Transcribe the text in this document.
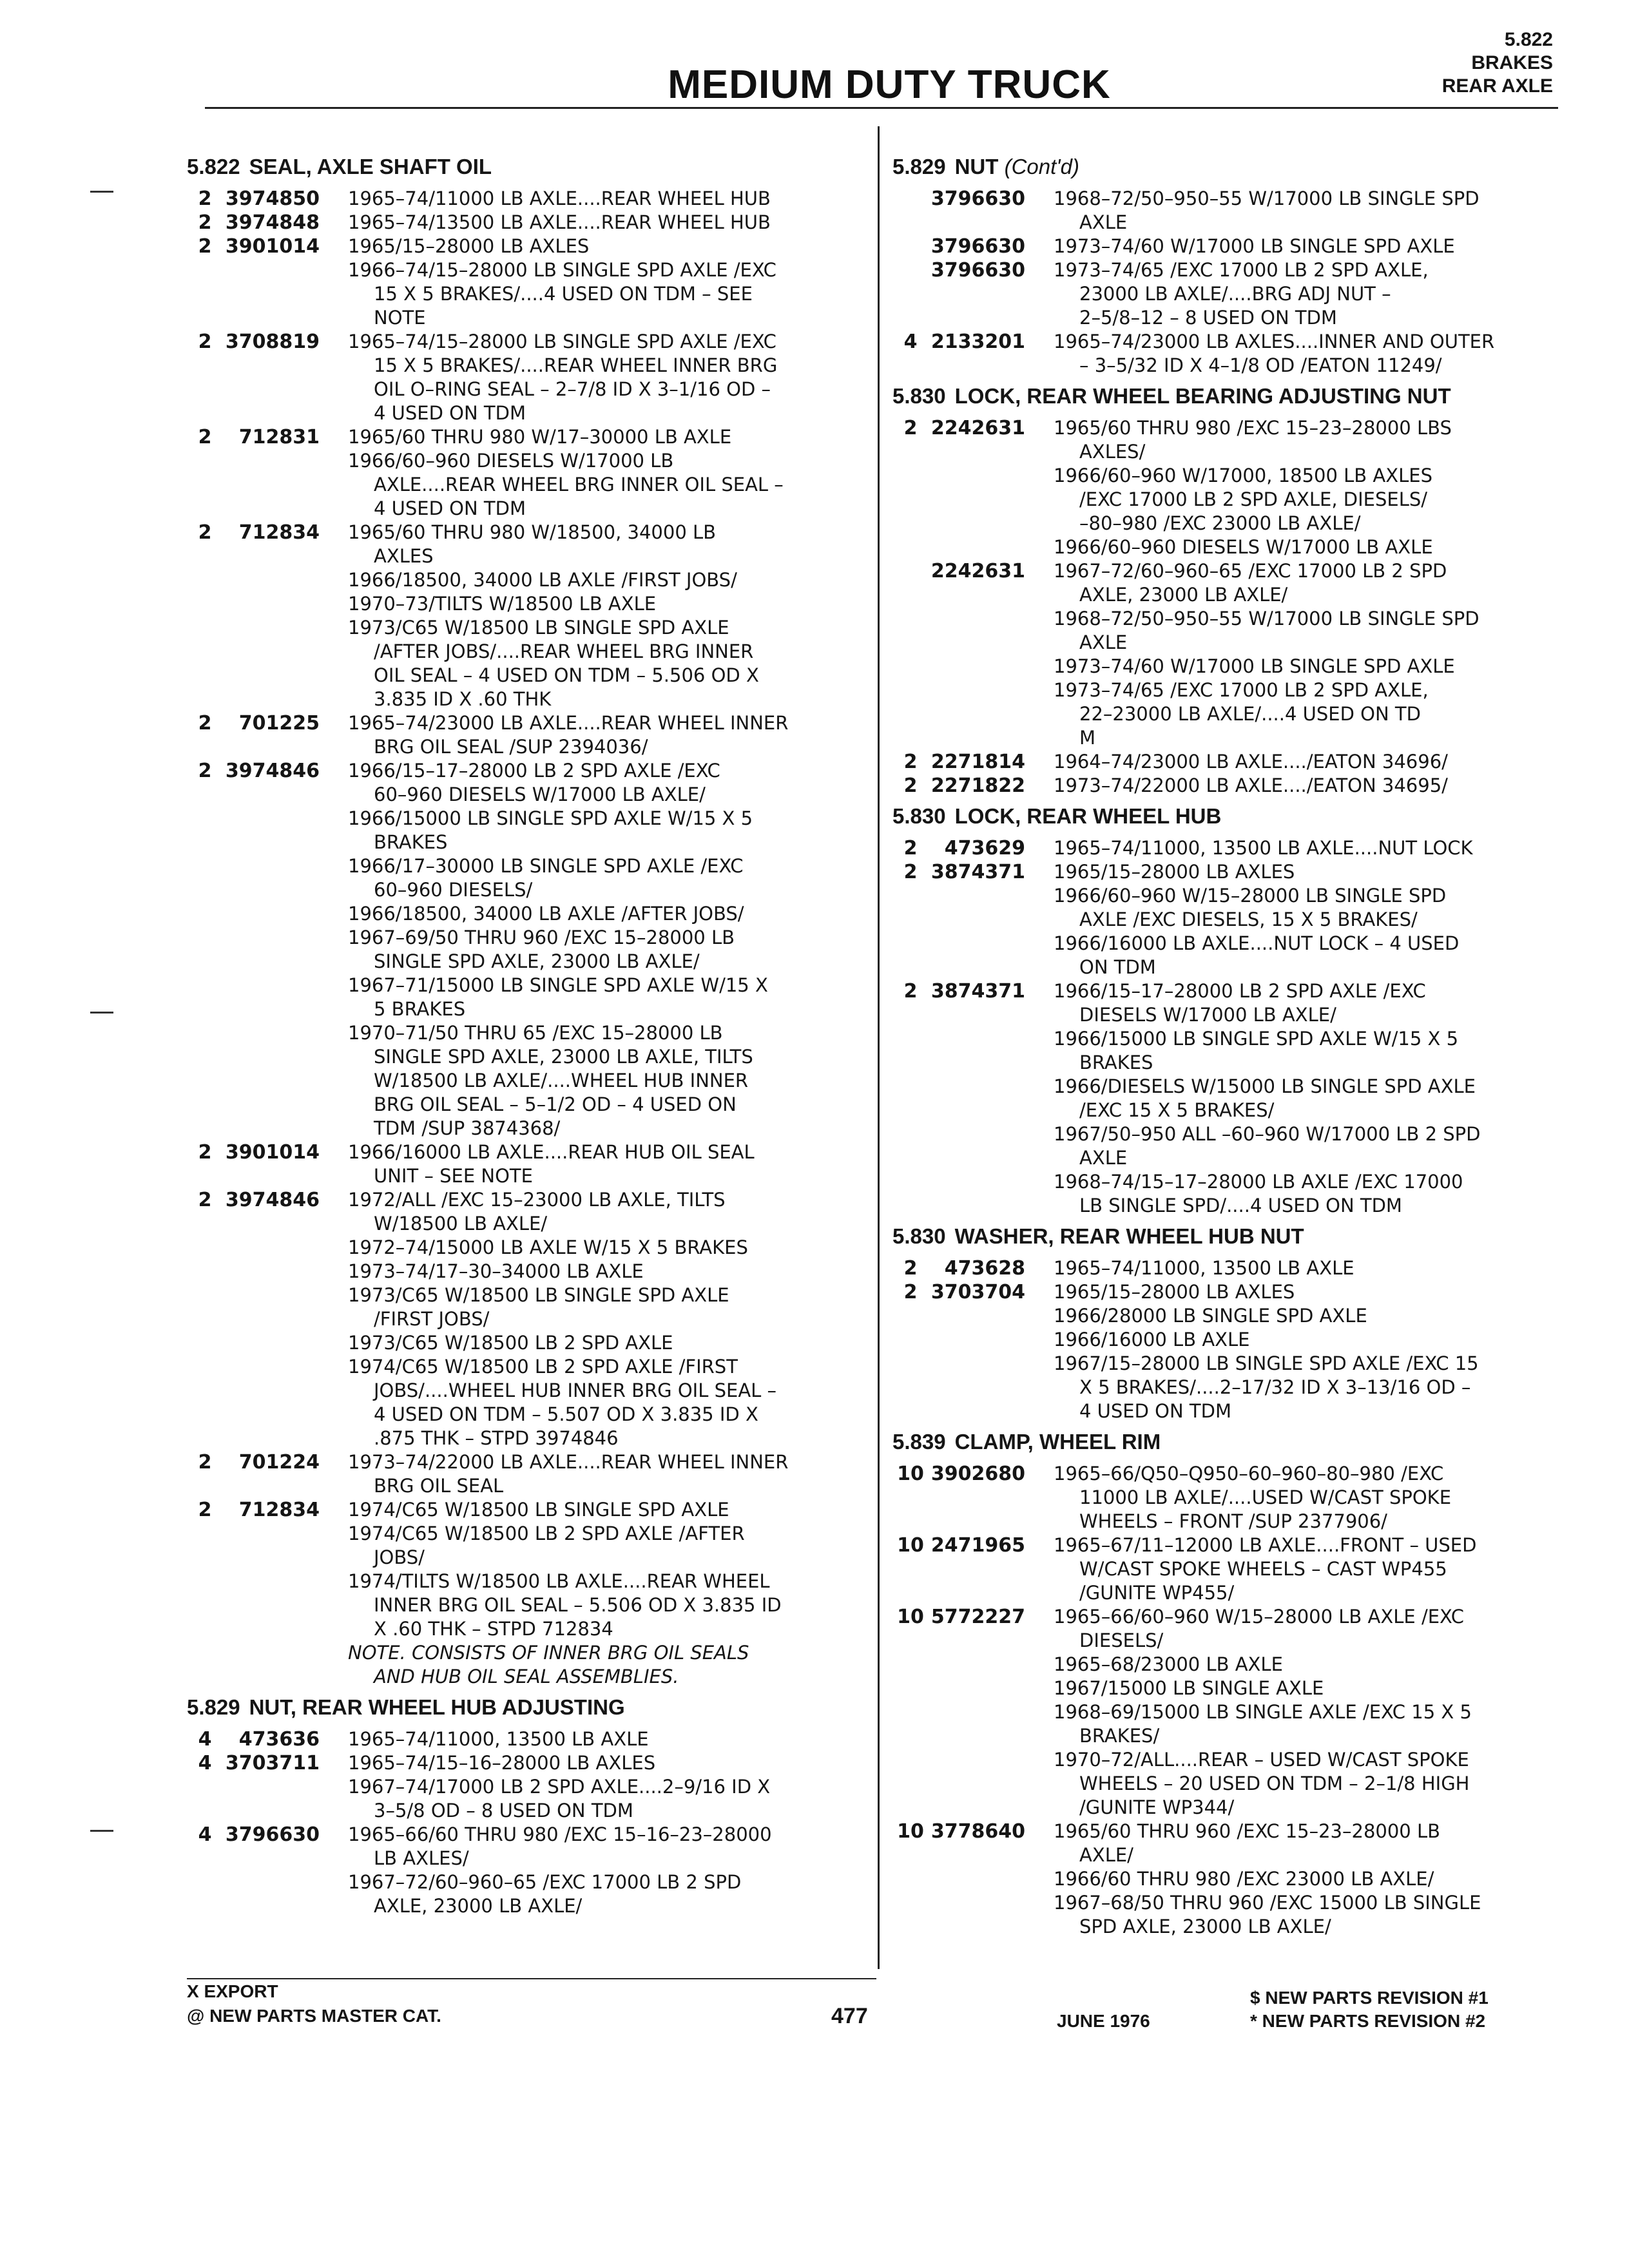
5.822
BRAKES
REAR AXLE
MEDIUM DUTY TRUCK
5.822 SEAL, AXLE SHAFT OIL
2 3974850 1965–74/11000 LB AXLE....REAR WHEEL HUB
2 3974848 1965–74/13500 LB AXLE....REAR WHEEL HUB
2 3901014 1965/15–28000 LB AXLES
1966–74/15–28000 LB SINGLE SPD AXLE /EXC
15 X 5 BRAKES/....4 USED ON TDM – SEE
NOTE
2 3708819 1965–74/15–28000 LB SINGLE SPD AXLE /EXC
15 X 5 BRAKES/....REAR WHEEL INNER BRG
OIL O–RING SEAL – 2–7/8 ID X 3–1/16 OD –
4 USED ON TDM
2	712831 1965/60 THRU 980 W/17–30000 LB AXLE
1966/60–960 DIESELS W/17000 LB
AXLE....REAR WHEEL BRG INNER OIL SEAL –
4 USED ON TDM
2	712834 1965/60 THRU 980 W/18500, 34000 LB
AXLES
1966/18500, 34000 LB AXLE /FIRST JOBS/
1970–73/TILTS W/18500 LB AXLE
1973/C65 W/18500 LB SINGLE SPD AXLE
/AFTER JOBS/....REAR WHEEL BRG INNER
OIL SEAL – 4 USED ON TDM – 5.506 OD X
3.835 ID X .60 THK
2	701225 1965–74/23000 LB AXLE....REAR WHEEL INNER
BRG OIL SEAL /SUP 2394036/
2 3974846 1966/15–17–28000 LB 2 SPD AXLE /EXC
60–960 DIESELS W/17000 LB AXLE/
1966/15000 LB SINGLE SPD AXLE W/15 X 5
BRAKES
1966/17–30000 LB SINGLE SPD AXLE /EXC
60–960 DIESELS/
1966/18500, 34000 LB AXLE /AFTER JOBS/
1967–69/50 THRU 960 /EXC 15–28000 LB
SINGLE SPD AXLE, 23000 LB AXLE/
1967–71/15000 LB SINGLE SPD AXLE W/15 X
5 BRAKES
1970–71/50 THRU 65 /EXC 15–28000 LB
SINGLE SPD AXLE, 23000 LB AXLE, TILTS
W/18500 LB AXLE/....WHEEL HUB INNER
BRG OIL SEAL – 5–1/2 OD – 4 USED ON
TDM /SUP 3874368/
2 3901014 1966/16000 LB AXLE....REAR HUB OIL SEAL
UNIT – SEE NOTE
2 3974846 1972/ALL /EXC 15–23000 LB AXLE, TILTS
W/18500 LB AXLE/
1972–74/15000 LB AXLE W/15 X 5 BRAKES
1973–74/17–30–34000 LB AXLE
1973/C65 W/18500 LB SINGLE SPD AXLE
/FIRST JOBS/
1973/C65 W/18500 LB 2 SPD AXLE
1974/C65 W/18500 LB 2 SPD AXLE /FIRST
JOBS/....WHEEL HUB INNER BRG OIL SEAL –
4 USED ON TDM – 5.507 OD X 3.835 ID X
.875 THK – STPD 3974846
2	701224 1973–74/22000 LB AXLE....REAR WHEEL INNER
BRG OIL SEAL
2	712834 1974/C65 W/18500 LB SINGLE SPD AXLE
1974/C65 W/18500 LB 2 SPD AXLE /AFTER
JOBS/
1974/TILTS W/18500 LB AXLE....REAR WHEEL
INNER BRG OIL SEAL – 5.506 OD X 3.835 ID
X .60 THK – STPD 712834
NOTE. CONSISTS OF INNER BRG OIL SEALS
AND HUB OIL SEAL ASSEMBLIES.
5.829 NUT, REAR WHEEL HUB ADJUSTING
4	473636 1965–74/11000, 13500 LB AXLE
4 3703711 1965–74/15–16–28000 LB AXLES
1967–74/17000 LB 2 SPD AXLE....2–9/16 ID X
3–5/8 OD – 8 USED ON TDM
4 3796630 1965–66/60 THRU 980 /EXC 15–16–23–28000
LB AXLES/
1967–72/60–960–65 /EXC 17000 LB 2 SPD
AXLE, 23000 LB AXLE/
5.829 NUT (Cont'd)
3796630 1968–72/50–950–55 W/17000 LB SINGLE SPD
AXLE
3796630 1973–74/60 W/17000 LB SINGLE SPD AXLE
3796630 1973–74/65 /EXC 17000 LB 2 SPD AXLE,
23000 LB AXLE/....BRG ADJ NUT –
2–5/8–12 – 8 USED ON TDM
4 2133201 1965–74/23000 LB AXLES....INNER AND OUTER
– 3–5/32 ID X 4–1/8 OD /EATON 11249/
5.830 LOCK, REAR WHEEL BEARING ADJUSTING NUT
2 2242631 1965/60 THRU 980 /EXC 15–23–28000 LBS
AXLES/
1966/60–960 W/17000, 18500 LB AXLES
/EXC 17000 LB 2 SPD AXLE, DIESELS/
–80–980 /EXC 23000 LB AXLE/
1966/60–960 DIESELS W/17000 LB AXLE
2242631 1967–72/60–960–65 /EXC 17000 LB 2 SPD
AXLE, 23000 LB AXLE/
1968–72/50–950–55 W/17000 LB SINGLE SPD
AXLE
1973–74/60 W/17000 LB SINGLE SPD AXLE
1973–74/65 /EXC 17000 LB 2 SPD AXLE,
22–23000 LB AXLE/....4 USED ON TD
M
2 2271814 1964–74/23000 LB AXLE..../EATON 34696/
2 2271822 1973–74/22000 LB AXLE..../EATON 34695/
5.830 LOCK, REAR WHEEL HUB
2	473629 1965–74/11000, 13500 LB AXLE....NUT LOCK
2 3874371 1965/15–28000 LB AXLES
1966/60–960 W/15–28000 LB SINGLE SPD
AXLE /EXC DIESELS, 15 X 5 BRAKES/
1966/16000 LB AXLE....NUT LOCK – 4 USED
ON TDM
2 3874371 1966/15–17–28000 LB 2 SPD AXLE /EXC
DIESELS W/17000 LB AXLE/
1966/15000 LB SINGLE SPD AXLE W/15 X 5
BRAKES
1966/DIESELS W/15000 LB SINGLE SPD AXLE
/EXC 15 X 5 BRAKES/
1967/50–950 ALL –60–960 W/17000 LB 2 SPD
AXLE
1968–74/15–17–28000 LB AXLE /EXC 17000
LB SINGLE SPD/....4 USED ON TDM
5.830 WASHER, REAR WHEEL HUB NUT
2	473628 1965–74/11000, 13500 LB AXLE
2 3703704 1965/15–28000 LB AXLES
1966/28000 LB SINGLE SPD AXLE
1966/16000 LB AXLE
1967/15–28000 LB SINGLE SPD AXLE /EXC 15
X 5 BRAKES/....2–17/32 ID X 3–13/16 OD –
4 USED ON TDM
5.839 CLAMP, WHEEL RIM
10 3902680 1965–66/Q50–Q950–60–960–80–980 /EXC
11000 LB AXLE/....USED W/CAST SPOKE
WHEELS – FRONT /SUP 2377906/
10 2471965 1965–67/11–12000 LB AXLE....FRONT – USED
W/CAST SPOKE WHEELS – CAST WP455
/GUNITE WP455/
10 5772227 1965–66/60–960 W/15–28000 LB AXLE /EXC
DIESELS/
1965–68/23000 LB AXLE
1967/15000 LB SINGLE AXLE
1968–69/15000 LB SINGLE AXLE /EXC 15 X 5
BRAKES/
1970–72/ALL....REAR – USED W/CAST SPOKE
WHEELS – 20 USED ON TDM – 2–1/8 HIGH
/GUNITE WP344/
10 3778640 1965/60 THRU 960 /EXC 15–23–28000 LB
AXLE/
1966/60 THRU 980 /EXC 23000 LB AXLE/
1967–68/50 THRU 960 /EXC 15000 LB SINGLE
SPD AXLE, 23000 LB AXLE/
X EXPORT
@ NEW PARTS MASTER CAT.	477	JUNE 1976
$ NEW PARTS REVISION #1
* NEW PARTS REVISION #2
